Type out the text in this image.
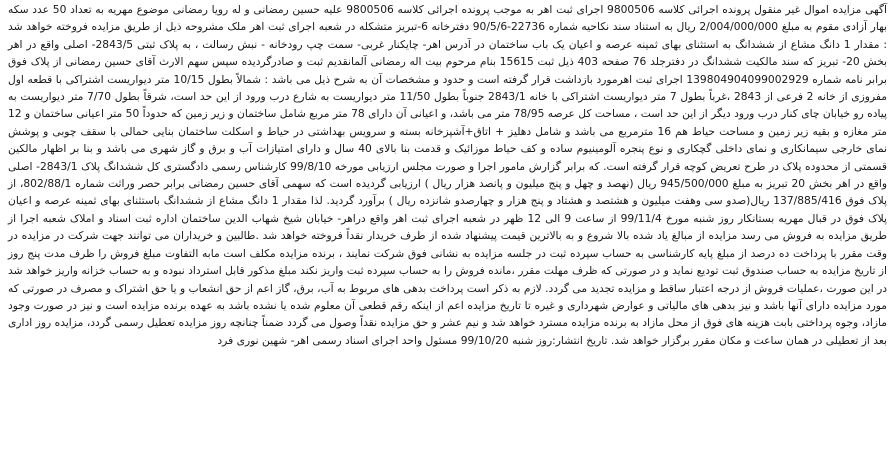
آگهی مزایده اموال غیر منقول پرونده اجرائی کلاسه 9800506 اجرای ثبت اهر به موجب پرونده اجرائی کلاسه 9800506 علیه حسین رمضانی و له رویا رمضانی موضوع مهریه به تعداد 50 عدد سکه بهار آزادی مقوم به مبلغ 2/004/000/000 ریال به استناد سند نکاحیه شماره 22736-90/5/6 دفترخانه 6-تبریز متشکله در شعبه اجرای ثبت اهر ملک مشروحه ذیل از طریق مزایده فروخته خواهد شد : مقدار 1 دانگ مشاع از ششدانگ به استثنای بهای ثمینه عرصه و اعیان یک باب ساختمان در آدرس اهر- چایکنار غربی- سمت چپ رودخانه - نبش رسالت ، به پلاک ثبتی 2843/5- اصلی واقع در اهر بخش 20- تبریز که سند مالکیت ششدانگ در دفترجلد 76 صفحه 403 ذیل ثبت 15615 بنام مرحوم بیت اله رمضانی آلمانقدیم ثبت و صادرگردیده سپس سهم الارث آقای حسین رمضانی از پلاک فوق برابر نامه شماره 139804904099002929 اجرای ثبت اهرمورد بازداشت قرار گرفته است و حدود و مشخصات آن به شرح ذیل می باشد : شمالاً بطول 10/15 متر دیواریست اشتراکی با قطعه اول مفروزی از خانه 2 فرعی از 2843 ،غرباً بطول 7 متر دیواریست اشتراکی با خانه 2843/1 جنوباً بطول 11/50 متر دیواریست به شارع درب ورود از این حد است، شرقاً بطول 7/70 متر دیواریست به پیاده رو خیابان چای کنار درب ورود دیگر از این حد است ، مساحت کل عرصه 78/95 متر می باشد، و اعیانی آن دارای 78 متر مربع شامل ساختمان و زیر زمین که حدوداً 50 متر اعیانی ساختمان و 12 متر مغازه و بقیه زیر زمین و مساحت حیاط هم 16 مترمربع می باشد و شامل دهلیز + اتاق+آشپزخانه بسته و سرویس بهداشتی در حیاط و اسکلت ساختمان بنایی حمالی با سقف چوبی و پوشش نمای خارجی سیمانکاری و نمای داخلی گچکاری و نوع پنجره آلومینیوم ساده و کف حیاط موزائیک و قدمت بنا بالای 40 سال و دارای امتیازات آب و برق و گاز شهری می باشد و بنا بر اظهار مالکین قسمتی از محدوده پلاک در طرح تعریض کوچه قرار گرفته است. که برابر گزارش مامور اجرا و صورت مجلس ارزیابی مورخه 99/8/10 کارشناس رسمی دادگستری کل ششدانگ پلاک 2843/1- اصلی واقع در اهر بخش 20 تبریز به مبلغ 945/500/000 ریال (نهصد و چهل و پنج میلیون و پانصد هزار ریال ) ارزیابی گردیده است که سهمی آقای حسین رمضانی برابر حصر وراثت شماره 802/88/1، از پلاک فوق 137/885/416 ریال(صدو سی وهفت میلیون و هشتصد و هشتاد و پنج هزار و چهارصدو شانزده ریال ) برآورد گردید. لذا مقدار 1 دانگ مشاع از ششدانگ باستثنای بهای ثمینه عرصه و اعیان پلاک فوق در قبال مهریه بستانکار روز شنبه مورخ 99/11/4 از ساعت 9 الی 12 ظهر در شعبه اجرای ثبت اهر واقع دراهر- خیابان شیخ شهاب الدین ساختمان اداره ثبت اسناد و املاک شعبه اجرا از طریق مزایده به فروش می رسد مزایده از مبالغ یاد شده بالا شروع و به بالاترین قیمت پیشنهاد شده از طرف خریدار نقداً فروخته خواهد شد .طالبین و خریداران می توانند جهت شرکت در مزایده در وقت مقرر با پرداخت ده درصد از مبلغ پایه کارشناسی به حساب سپرده ثبت در جلسه مزایده به نشانی فوق شرکت نمایند ، برنده مزایده مکلف است مابه التفاوت مبلغ فروش را ظرف مدت پنج روز از تاریخ مزایده به حساب صندوق ثبت تودیع نماید و در صورتی که ظرف مهلت مقرر ،مانده فروش را به حساب سپرده ثبت واریز نکند مبلغ مذکور قابل استرداد نبوده و به حساب خزانه واریز خواهد شد در این صورت ،عملیات فروش از درجه اعتبار ساقط و مزایده تجدید می گردد. لازم به ذکر است پرداخت بدهی های مربوط به آب، برق، گاز اعم از حق انشعاب و یا حق اشتراک و مصرف در صورتی که مورد مزایده دارای آنها باشد و نیز بدهی های مالیاتی و عوارض شهرداری و غیره تا تاریخ مزایده اعم از اینکه رقم قطعی آن معلوم شده یا نشده باشد به عهده برنده مزایده است و نیز در صورت وجود مازاد، وجوه پرداختی بابت هزینه های فوق از محل مازاد به برنده مزایده مسترد خواهد شد و نیم عشر و حق مزایده نقداً وصول می گردد ضمناً چنانچه روز مزایده تعطیل رسمی گردد، مزایده روز اداری بعد از تعطیلی در همان ساعت و مکان مقرر برگزار خواهد شد. تاریخ انتشار:روز شنبه 99/10/20 مسئول واحد اجرای اسناد رسمی اهر- شهین نوری فرد
